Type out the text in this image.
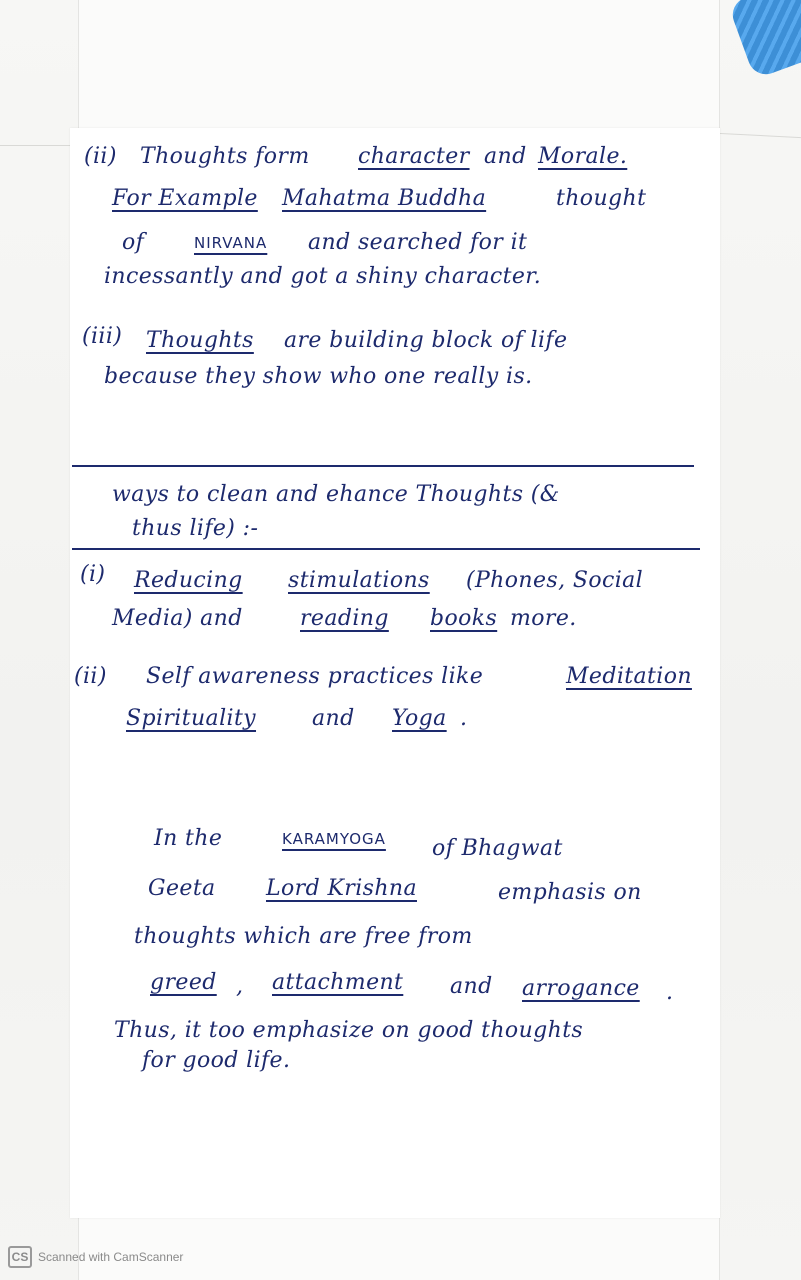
(ii) Thoughts form character and Morale.
For Example Mahatma Buddha	thought
of	NIRVANA and searched for it
incessantly and got a shiny character.
(iii) Thoughts are building block of life
because they show who one really is.
ways to clean and ehance Thoughts (&
thus life) :-
(i) Reducing stimulations (Phones, Social
Media) and	reading books more.
(ii) Self awareness practices like	Meditation
Spirituality	and Yoga .
In the	KARAMYOGA of Bhagwat
Geeta Lord Krishna	emphasis on
thoughts which are free from
greed , attachment and arrogance .
Thus, it too emphasize on good thoughts
for good life.
CS Scanned with CamScanner
